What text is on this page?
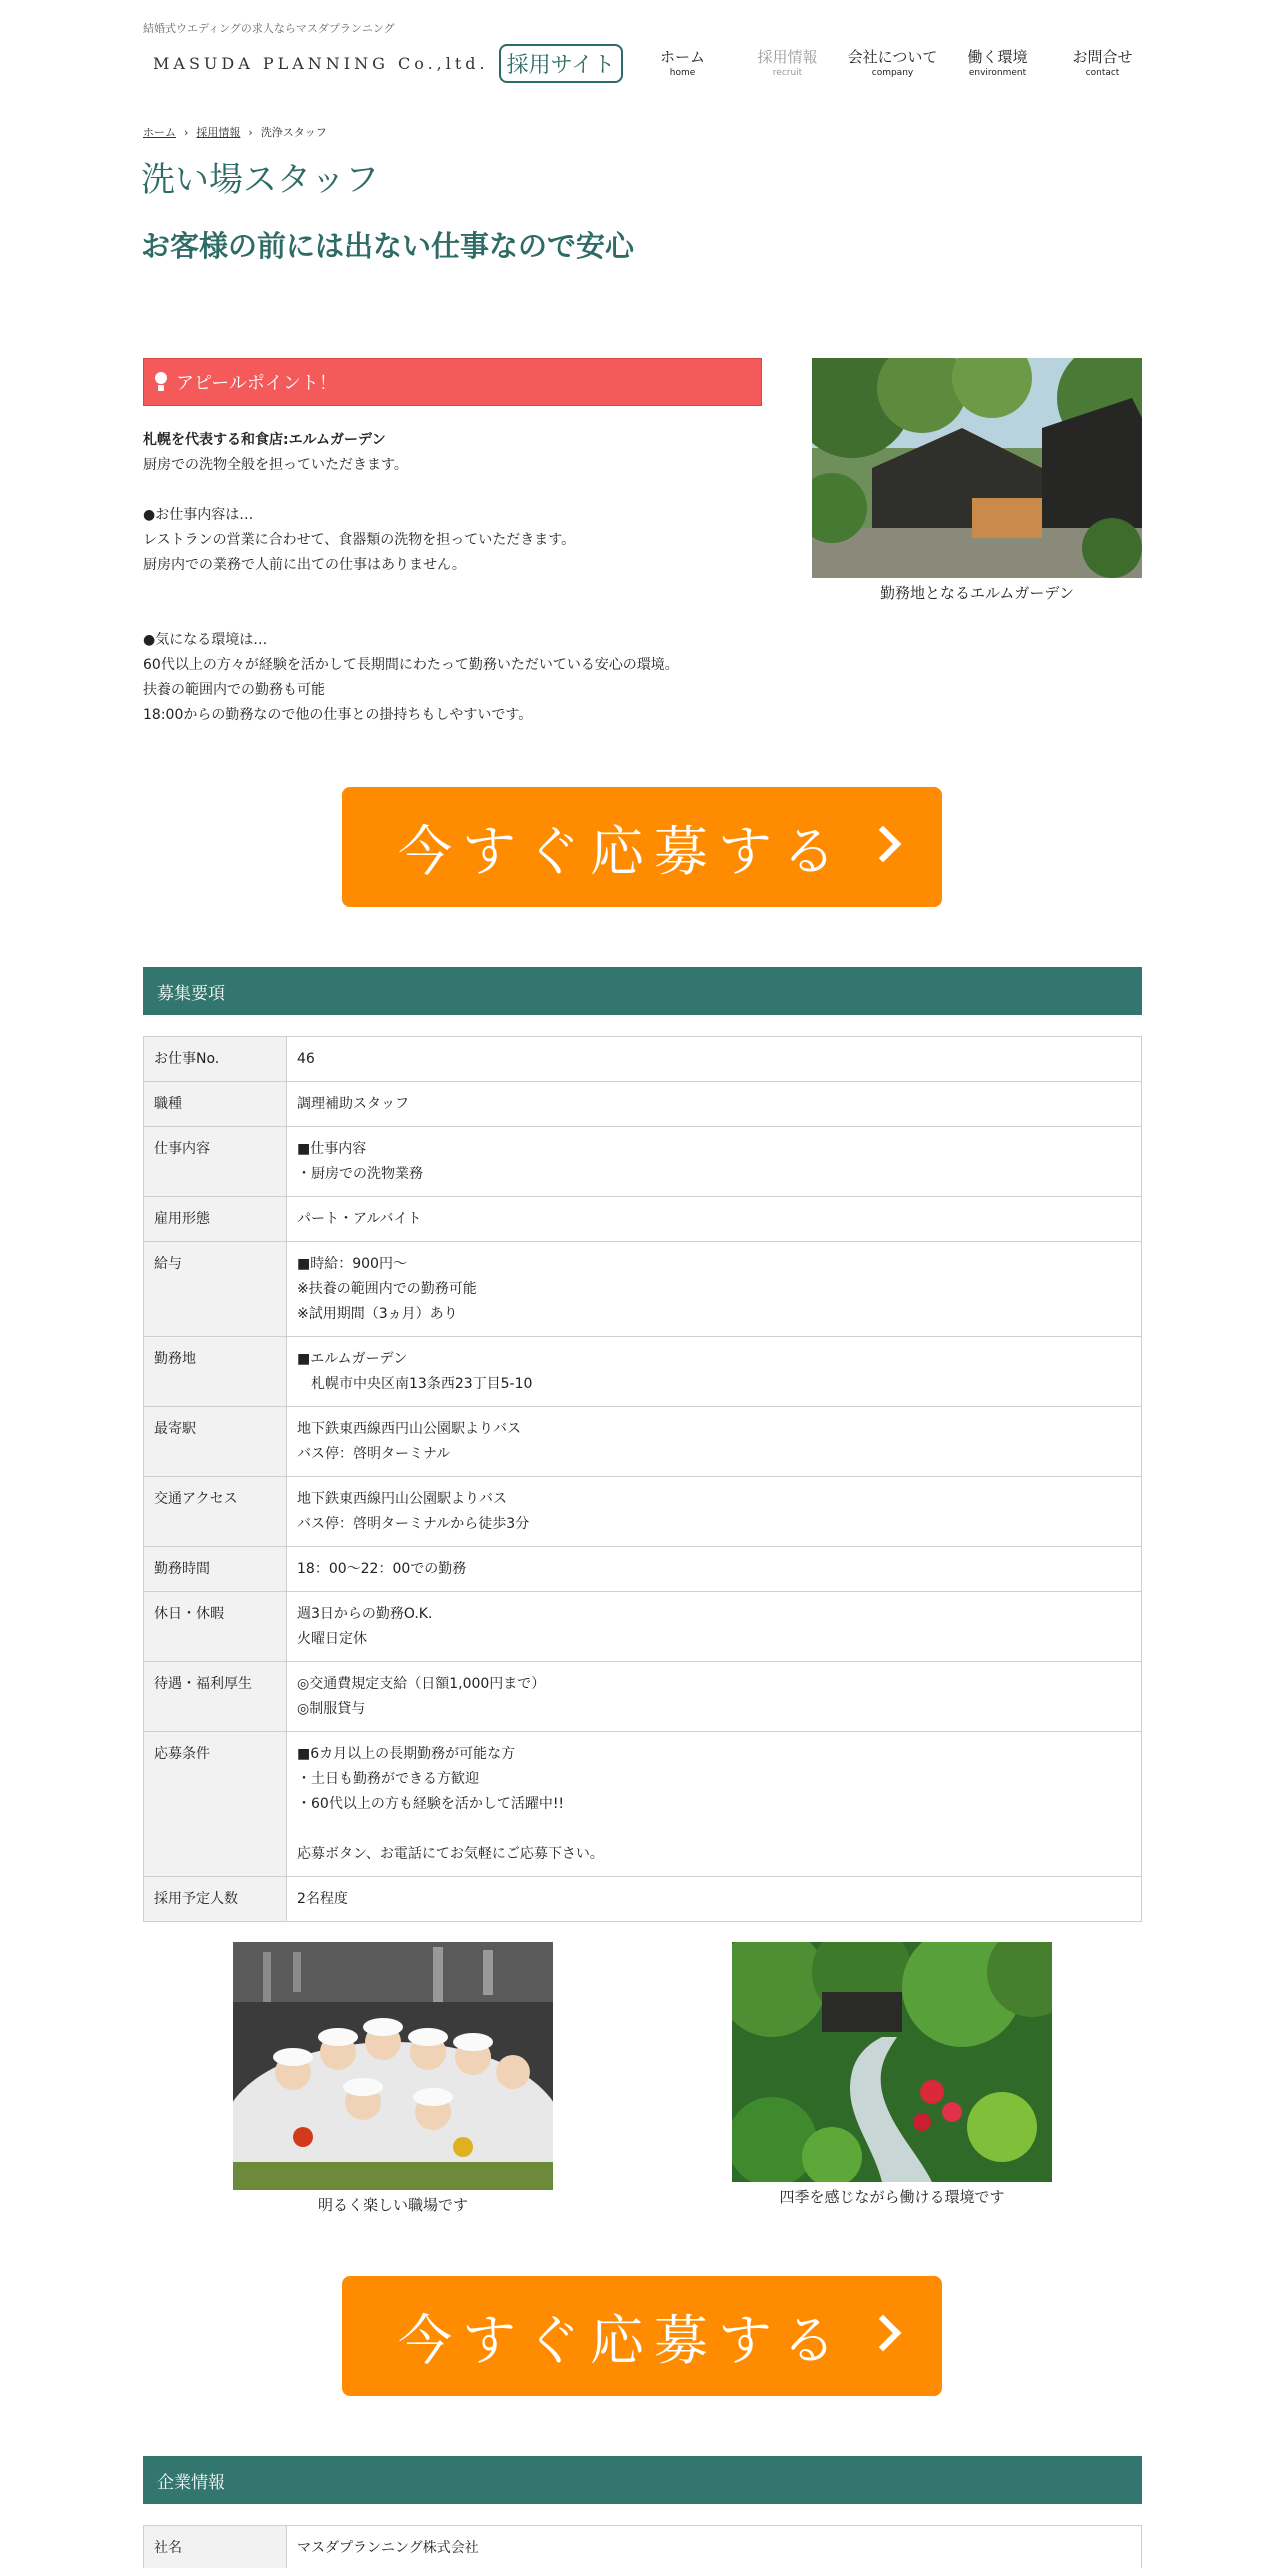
結婚式ウエディングの求人ならマスダプランニング
MASUDA PLANNING Co.,ltd. 採用サイト	ホーム
home
採用情報
recruit
会社について
company
働く環境
environment
お問合せ
contact
ホーム › 採用情報 › 洗浄スタッフ
洗い場スタッフ
お客様の前には出ない仕事なので安心
アピールポイント！
札幌を代表する和食店:エルムガーデン
厨房での洗物全般を担っていただきます。
●お仕事内容は…
レストランの営業に合わせて、食器類の洗物を担っていただきます。
厨房内での業務で人前に出ての仕事はありません。
●気になる環境は…
60代以上の方々が経験を活かして長期間にわたって勤務いただいている安心の環境。
扶養の範囲内での勤務も可能
18:00からの勤務なので他の仕事との掛持ちもしやすいです。
勤務地となるエルムガーデン
今すぐ応募する
募集要項
お仕事No.	46
職種	調理補助スタッフ
仕事内容	■仕事内容
・厨房での洗物業務
雇用形態	パート・アルバイト
給与	■時給：900円～
※扶養の範囲内での勤務可能
※試用期間（3ヵ月）あり
勤務地	■エルムガーデン
　札幌市中央区南13条西23丁目5-10
最寄駅	地下鉄東西線西円山公園駅よりバス
バス停：啓明ターミナル
交通アクセス	地下鉄東西線円山公園駅よりバス
バス停：啓明ターミナルから徒歩3分
勤務時間	18：00～22：00での勤務
休日・休暇	週3日からの勤務O.K.
火曜日定休
待遇・福利厚生	◎交通費規定支給（日額1,000円まで）
◎制服貸与
応募条件	■6カ月以上の長期勤務が可能な方
・土日も勤務ができる方歓迎
・60代以上の方も経験を活かして活躍中!!

応募ボタン、お電話にてお気軽にご応募下さい。
採用予定人数	2名程度
明るく楽しい職場です	四季を感じながら働ける環境です
今すぐ応募する
企業情報
社名	マスダプランニング株式会社
